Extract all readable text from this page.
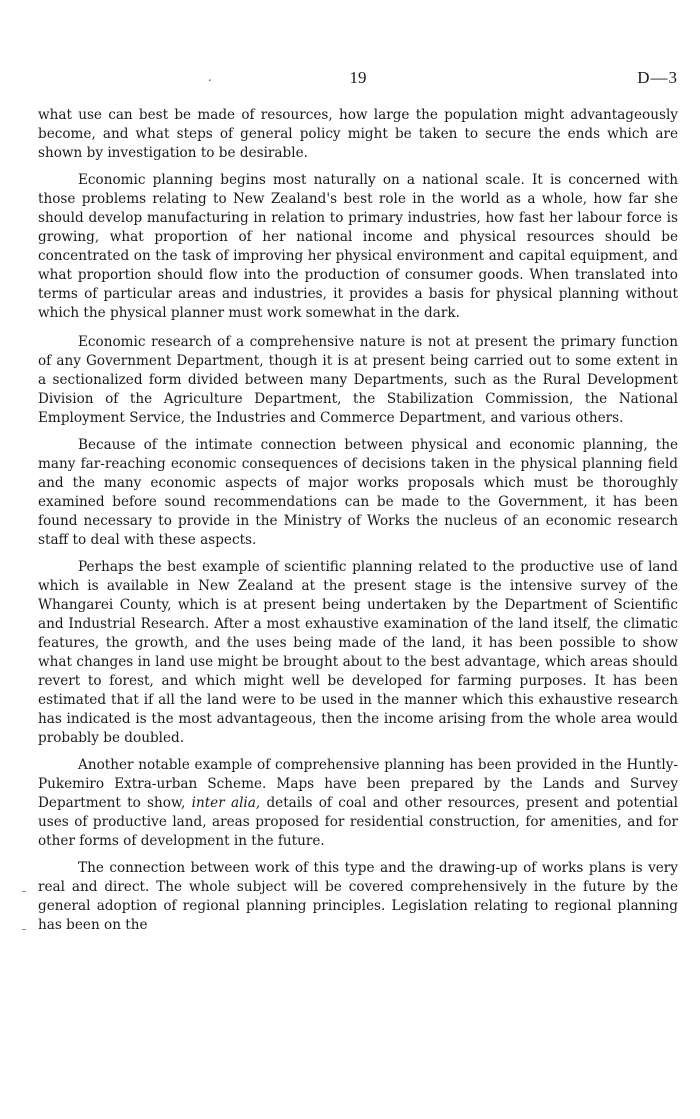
.	19	D—3

what use can best be made of resources, how large the population might advantageously become, and what steps of general policy might be taken to secure the ends which are shown by investigation to be desirable.

Economic planning begins most naturally on a national scale. It is concerned with those problems relating to New Zealand's best role in the world as a whole, how far she should develop manufacturing in relation to primary industries, how fast her labour force is growing, what proportion of her national income and physical resources should be concentrated on the task of improving her physical environment and capital equipment, and what proportion should flow into the production of consumer goods. When translated into terms of particular areas and industries, it provides a basis for physical planning without which the physical planner must work somewhat in the dark.

Economic research of a comprehensive nature is not at present the primary function of any Government Department, though it is at present being carried out to some extent in a sectionalized form divided between many Departments, such as the Rural Development Division of the Agriculture Department, the Stabilization Commission, the National Employment Service, the Industries and Commerce Department, and various others.

Because of the intimate connection between physical and economic planning, the many far-reaching economic consequences of decisions taken in the physical planning field and the many economic aspects of major works proposals which must be thoroughly examined before sound recommendations can be made to the Government, it has been found necessary to provide in the Ministry of Works the nucleus of an economic research staff to deal with these aspects.

Perhaps the best example of scientific planning related to the productive use of land which is available in New Zealand at the present stage is the intensive survey of the Whangarei County, which is at present being undertaken by the Department of Scientific and Industrial Research. After a most exhaustive examination of the land itself, the climatic features, the growth, and the uses being made of the land, it has been possible to show what changes in land use might be brought about to the best advantage, which areas should revert to forest, and which might well be developed for farming purposes. It has been estimated that if all the land were to be used in the manner which this exhaustive research has indicated is the most advantageous, then the income arising from the whole area would probably be doubled.

Another notable example of comprehensive planning has been provided in the Huntly-Pukemiro Extra-urban Scheme. Maps have been prepared by the Lands and Survey Department to show, inter alia, details of coal and other resources, present and potential uses of productive land, areas proposed for residential construction, for amenities, and for other forms of development in the future.

The connection between work of this type and the drawing-up of works plans is very real and direct. The whole subject will be covered comprehensively in the future by the general adoption of regional planning principles. Legislation relating to regional planning has been on the
